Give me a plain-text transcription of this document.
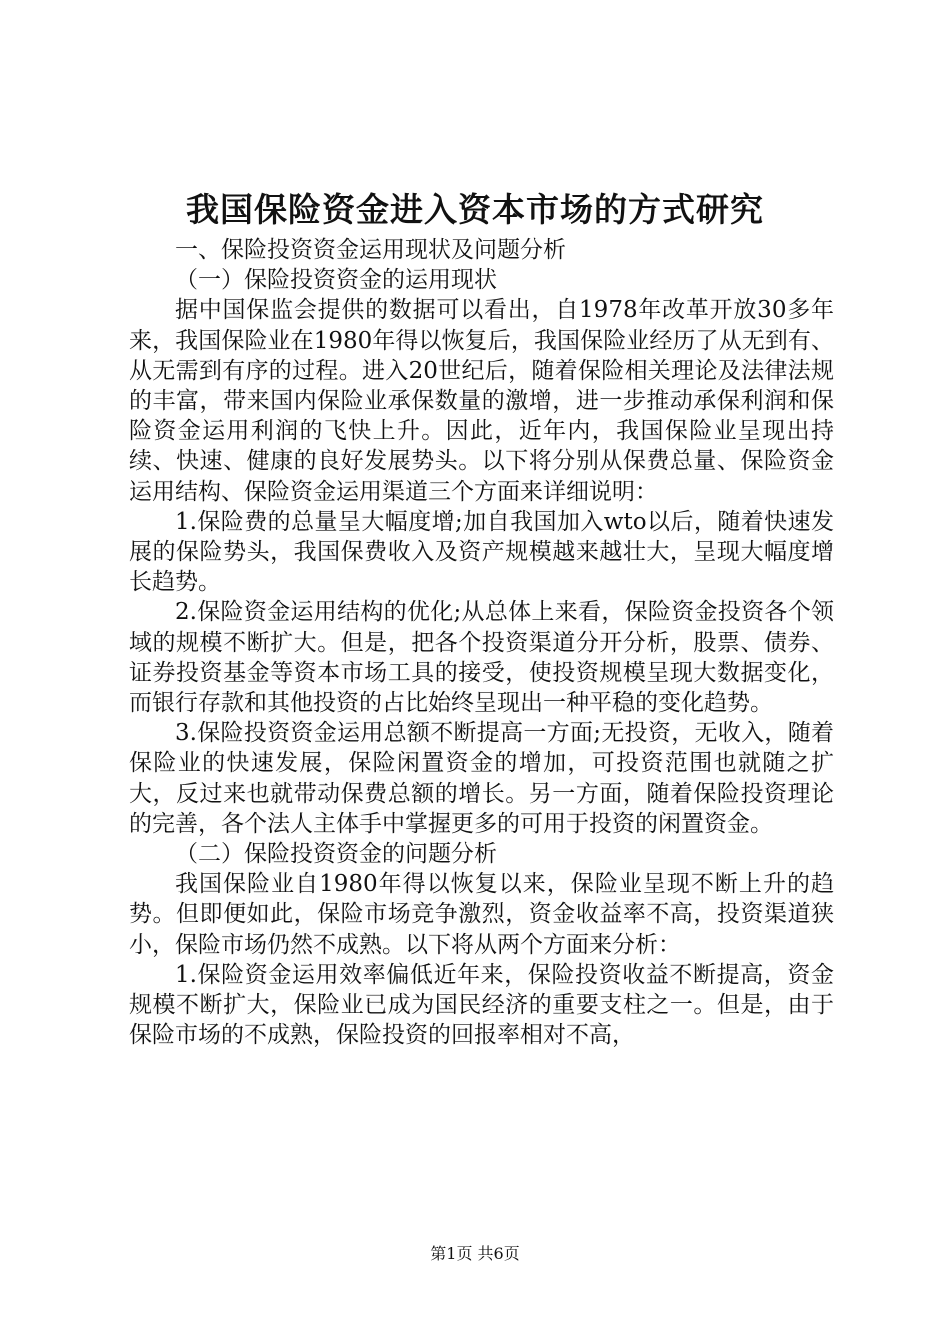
我国保险资金进入资本市场的方式研究

一、保险投资资金运用现状及问题分析

（一）保险投资资金的运用现状

据中国保监会提供的数据可以看出，自1978年改革开放30多年来，我国保险业在1980年得以恢复后，我国保险业经历了从无到有、从无需到有序的过程。进入20世纪后，随着保险相关理论及法律法规的丰富，带来国内保险业承保数量的激增，进一步推动承保利润和保险资金运用利润的飞快上升。因此，近年内，我国保险业呈现出持续、快速、健康的良好发展势头。以下将分别从保费总量、保险资金运用结构、保险资金运用渠道三个方面来详细说明：

1.保险费的总量呈大幅度增;加自我国加入wto以后，随着快速发展的保险势头，我国保费收入及资产规模越来越壮大，呈现大幅度增长趋势。

2.保险资金运用结构的优化;从总体上来看，保险资金投资各个领域的规模不断扩大。但是，把各个投资渠道分开分析，股票、债券、证券投资基金等资本市场工具的接受，使投资规模呈现大数据变化，而银行存款和其他投资的占比始终呈现出一种平稳的变化趋势。

3.保险投资资金运用总额不断提高一方面;无投资，无收入，随着保险业的快速发展，保险闲置资金的增加，可投资范围也就随之扩大，反过来也就带动保费总额的增长。另一方面，随着保险投资理论的完善，各个法人主体手中掌握更多的可用于投资的闲置资金。

（二）保险投资资金的问题分析

我国保险业自1980年得以恢复以来，保险业呈现不断上升的趋势。但即便如此，保险市场竞争激烈，资金收益率不高，投资渠道狭小，保险市场仍然不成熟。以下将从两个方面来分析：

1.保险资金运用效率偏低近年来，保险投资收益不断提高，资金规模不断扩大，保险业已成为国民经济的重要支柱之一。但是，由于保险市场的不成熟，保险投资的回报率相对不高，

第1页 共6页
